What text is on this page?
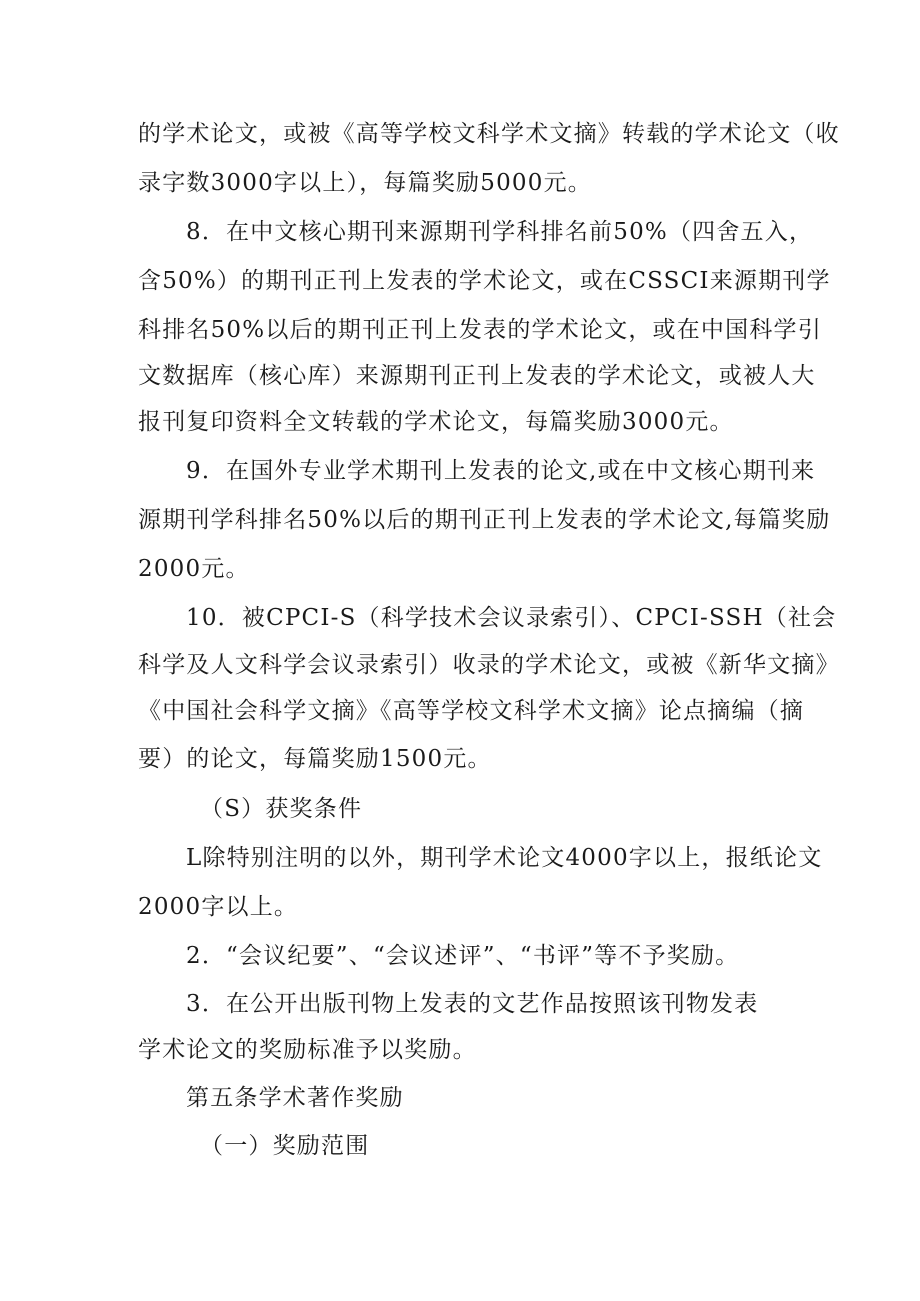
的学术论文，或被《高等学校文科学术文摘》转载的学术论文（收
录字数3000字以上），每篇奖励5000元。
8．在中文核心期刊来源期刊学科排名前50%（四舍五入，
含50%）的期刊正刊上发表的学术论文，或在CSSCI来源期刊学
科排名50%以后的期刊正刊上发表的学术论文，或在中国科学引
文数据库（核心库）来源期刊正刊上发表的学术论文，或被人大
报刊复印资料全文转载的学术论文，每篇奖励3000元。
9．在国外专业学术期刊上发表的论文,或在中文核心期刊来
源期刊学科排名50%以后的期刊正刊上发表的学术论文,每篇奖励
2000元。
10．被CPCI-S（科学技术会议录索引）、CPCI-SSH（社会
科学及人文科学会议录索引）收录的学术论文，或被《新华文摘》
《中国社会科学文摘》《高等学校文科学术文摘》论点摘编（摘
要）的论文，每篇奖励1500元。
（S）获奖条件
L除特别注明的以外，期刊学术论文4000字以上，报纸论文
2000字以上。
2．“会议纪要”、“会议述评”、“书评”等不予奖励。
3．在公开出版刊物上发表的文艺作品按照该刊物发表
学术论文的奖励标准予以奖励。
第五条学术著作奖励
（一）奖励范围
